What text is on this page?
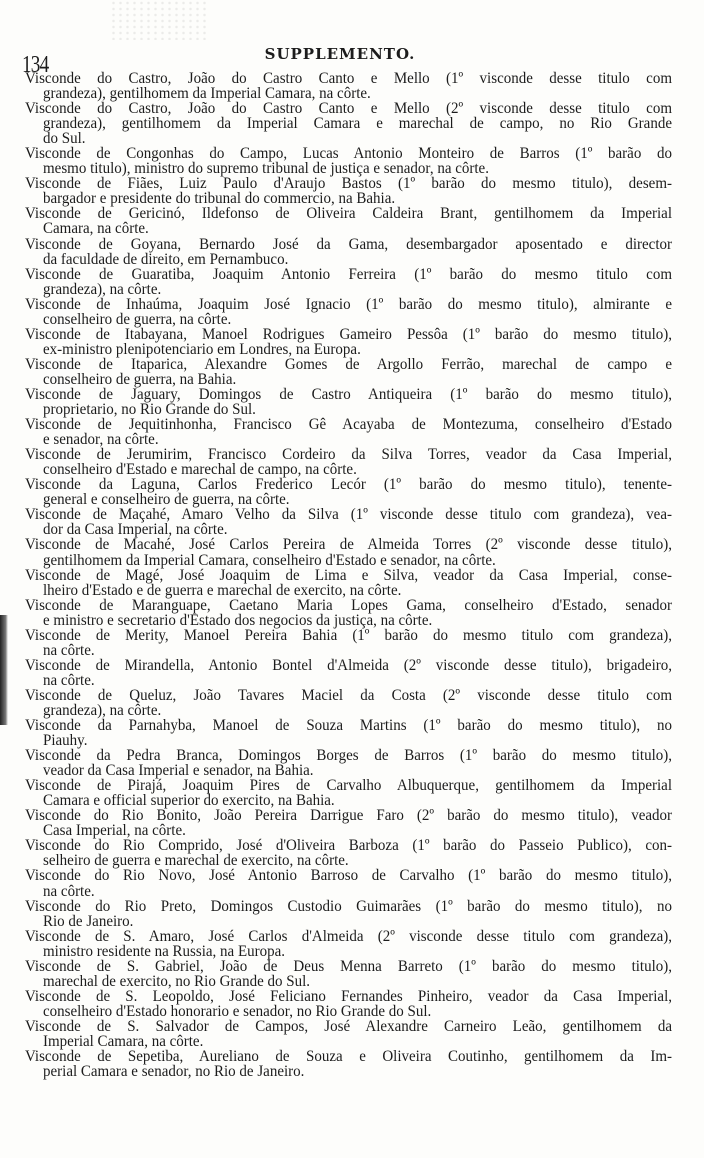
134	SUPPLEMENTO.
Visconde do Castro, João do Castro Canto e Mello (1º visconde desse titulo com
grandeza), gentilhomem da Imperial Camara, na côrte.
Visconde do Castro, João do Castro Canto e Mello (2º visconde desse titulo com
grandeza), gentilhomem da Imperial Camara e marechal de campo, no Rio Grande
do Sul.
Visconde de Congonhas do Campo, Lucas Antonio Monteiro de Barros (1º barão do
mesmo titulo), ministro do supremo tribunal de justiça e senador, na côrte.
Visconde de Fiães, Luiz Paulo d'Araujo Bastos (1º barão do mesmo titulo), desem-
bargador e presidente do tribunal do commercio, na Bahia.
Visconde de Gericinó, Ildefonso de Oliveira Caldeira Brant, gentilhomem da Imperial
Camara, na côrte.
Visconde de Goyana, Bernardo José da Gama, desembargador aposentado e director
da faculdade de direito, em Pernambuco.
Visconde de Guaratiba, Joaquim Antonio Ferreira (1º barão do mesmo titulo com
grandeza), na côrte.
Visconde de Inhaúma, Joaquim José Ignacio (1º barão do mesmo titulo), almirante e
conselheiro de guerra, na côrte.
Visconde de Itabayana, Manoel Rodrigues Gameiro Pessôa (1º barão do mesmo titulo),
ex-ministro plenipotenciario em Londres, na Europa.
Visconde de Itaparica, Alexandre Gomes de Argollo Ferrão, marechal de campo e
conselheiro de guerra, na Bahia.
Visconde de Jaguary, Domingos de Castro Antiqueira (1º barão do mesmo titulo),
proprietario, no Rio Grande do Sul.
Visconde de Jequitinhonha, Francisco Gê Acayaba de Montezuma, conselheiro d'Estado
e senador, na côrte.
Visconde de Jerumirim, Francisco Cordeiro da Silva Torres, veador da Casa Imperial,
conselheiro d'Estado e marechal de campo, na côrte.
Visconde da Laguna, Carlos Frederico Lecór (1º barão do mesmo titulo), tenente-
general e conselheiro de guerra, na côrte.
Visconde de Maçahé, Amaro Velho da Silva (1º visconde desse titulo com grandeza), vea-
dor da Casa Imperial, na côrte.
Visconde de Macahé, José Carlos Pereira de Almeida Torres (2º visconde desse titulo),
gentilhomem da Imperial Camara, conselheiro d'Estado e senador, na côrte.
Visconde de Magé, José Joaquim de Lima e Silva, veador da Casa Imperial, conse-
lheiro d'Estado e de guerra e marechal de exercito, na côrte.
Visconde de Maranguape, Caetano Maria Lopes Gama, conselheiro d'Estado, senador
e ministro e secretario d'Estado dos negocios da justiça, na côrte.
Visconde de Merity, Manoel Pereira Bahia (1º barão do mesmo titulo com grandeza),
na côrte.
Visconde de Mirandella, Antonio Bontel d'Almeida (2º visconde desse titulo), brigadeiro,
na côrte.
Visconde de Queluz, João Tavares Maciel da Costa (2º visconde desse titulo com
grandeza), na côrte.
Visconde da Parnahyba, Manoel de Souza Martins (1º barão do mesmo titulo), no
Piauhy.
Visconde da Pedra Branca, Domingos Borges de Barros (1º barão do mesmo titulo),
veador da Casa Imperial e senador, na Bahia.
Visconde de Pirajá, Joaquim Pires de Carvalho Albuquerque, gentilhomem da Imperial
Camara e official superior do exercito, na Bahia.
Visconde do Rio Bonito, João Pereira Darrigue Faro (2º barão do mesmo titulo), veador
Casa Imperial, na côrte.
Visconde do Rio Comprido, José d'Oliveira Barboza (1º barão do Passeio Publico), con-
selheiro de guerra e marechal de exercito, na côrte.
Visconde do Rio Novo, José Antonio Barroso de Carvalho (1º barão do mesmo titulo),
na côrte.
Visconde do Rio Preto, Domingos Custodio Guimarães (1º barão do mesmo titulo), no
Rio de Janeiro.
Visconde de S. Amaro, José Carlos d'Almeida (2º visconde desse titulo com grandeza),
ministro residente na Russia, na Europa.
Visconde de S. Gabriel, João de Deus Menna Barreto (1º barão do mesmo titulo),
marechal de exercito, no Rio Grande do Sul.
Visconde de S. Leopoldo, José Feliciano Fernandes Pinheiro, veador da Casa Imperial,
conselheiro d'Estado honorario e senador, no Rio Grande do Sul.
Visconde de S. Salvador de Campos, José Alexandre Carneiro Leão, gentilhomem da
Imperial Camara, na côrte.
Visconde de Sepetiba, Aureliano de Souza e Oliveira Coutinho, gentilhomem da Im-
perial Camara e senador, no Rio de Janeiro.
